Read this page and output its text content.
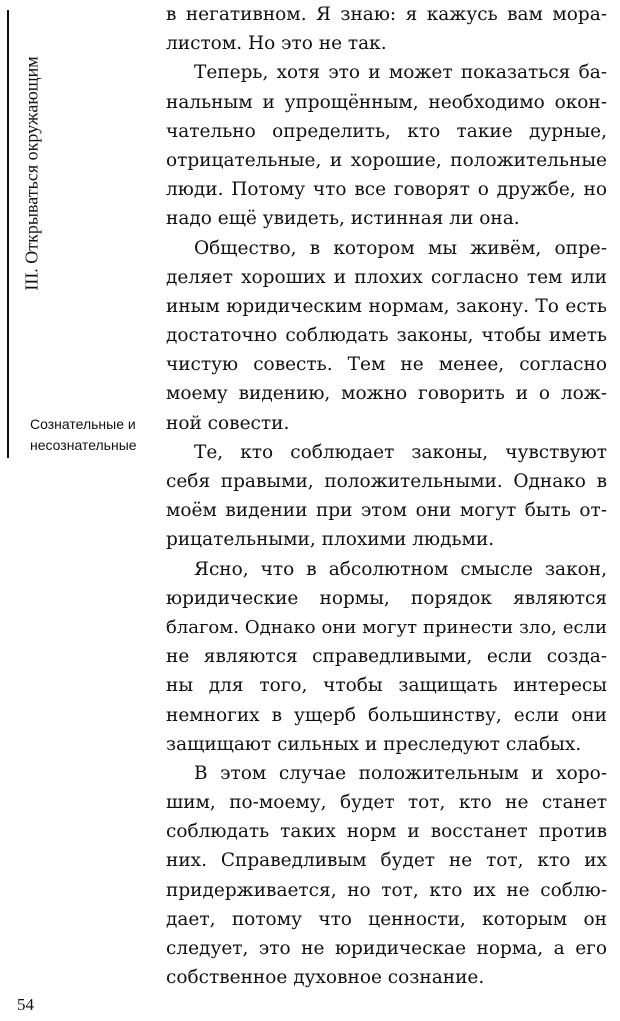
III. Открываться окружающим
Сознательные и
несознательные
в негативном. Я знаю: я кажусь вам мора-
листом. Но это не так.
Теперь, хотя это и может показаться ба-
нальным и упрощённым, необходимо окон-
чательно определить, кто такие дурные,
отрицательные, и хорошие, положительные
люди. Потому что все говорят о дружбе, но
надо ещё увидеть, истинная ли она.
Общество, в котором мы живём, опре-
деляет хороших и плохих согласно тем или
иным юридическим нормам, закону. То есть
достаточно соблюдать законы, чтобы иметь
чистую совесть. Тем не менее, согласно
моему видению, можно говорить и о лож-
ной совести.
Те, кто соблюдает законы, чувствуют
себя правыми, положительными. Однако в
моём видении при этом они могут быть от-
рицательными, плохими людьми.
Ясно, что в абсолютном смысле закон,
юридические нормы, порядок являются
благом. Однако они могут принести зло, если
не являются справедливыми, если созда-
ны для того, чтобы защищать интересы
немногих в ущерб большинству, если они
защищают сильных и преследуют слабых.
В этом случае положительным и хоро-
шим, по-моему, будет тот, кто не станет
соблюдать таких норм и восстанет против
них. Справедливым будет не тот, кто их
придерживается, но тот, кто их не соблю-
дает, потому что ценности, которым он
следует, это не юридическае норма, а его
собственное духовное сознание.
54
